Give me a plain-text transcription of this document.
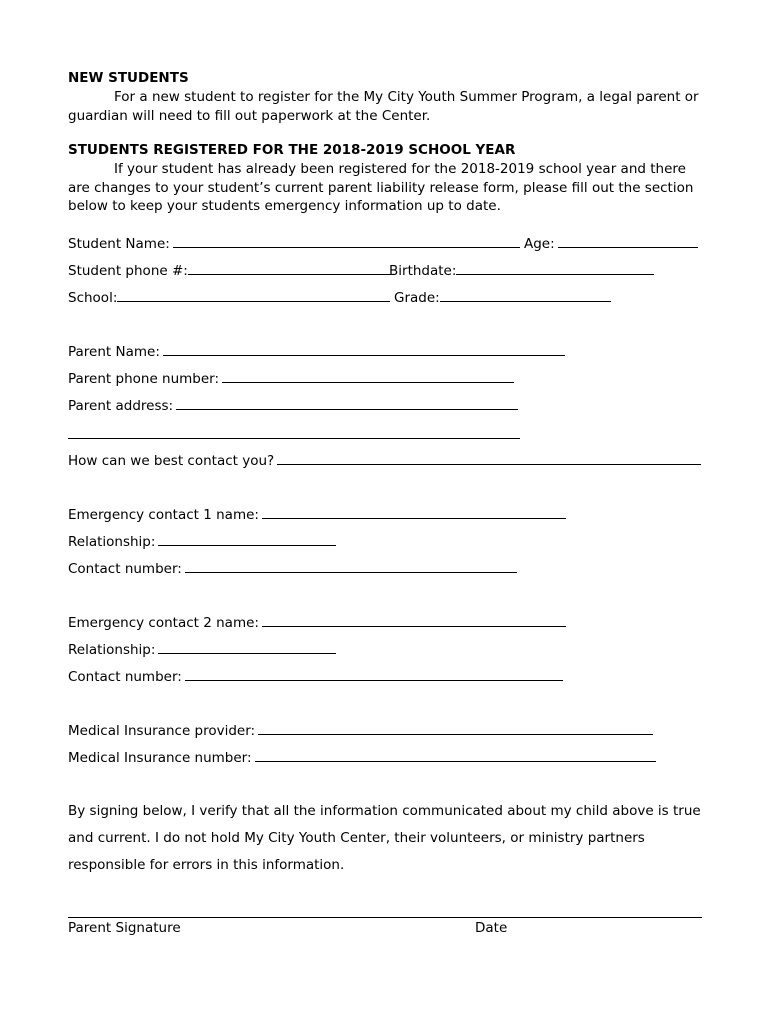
NEW STUDENTS
For a new student to register for the My City Youth Summer Program, a legal parent or guardian will need to fill out paperwork at the Center.
STUDENTS REGISTERED FOR THE 2018-2019 SCHOOL YEAR
If your student has already been registered for the 2018-2019 school year and there are changes to your student’s current parent liability release form, please fill out the section below to keep your students emergency information up to date.
Student Name:	Age:
Student phone #:	Birthdate:
School:	Grade:
Parent Name:
Parent phone number:
Parent address:
How can we best contact you?
Emergency contact 1 name:
Relationship:
Contact number:
Emergency contact 2 name:
Relationship:
Contact number:
Medical Insurance provider:
Medical Insurance number:
By signing below, I verify that all the information communicated about my child above is true and current. I do not hold My City Youth Center, their volunteers, or ministry partners responsible for errors in this information.
Parent Signature	Date
